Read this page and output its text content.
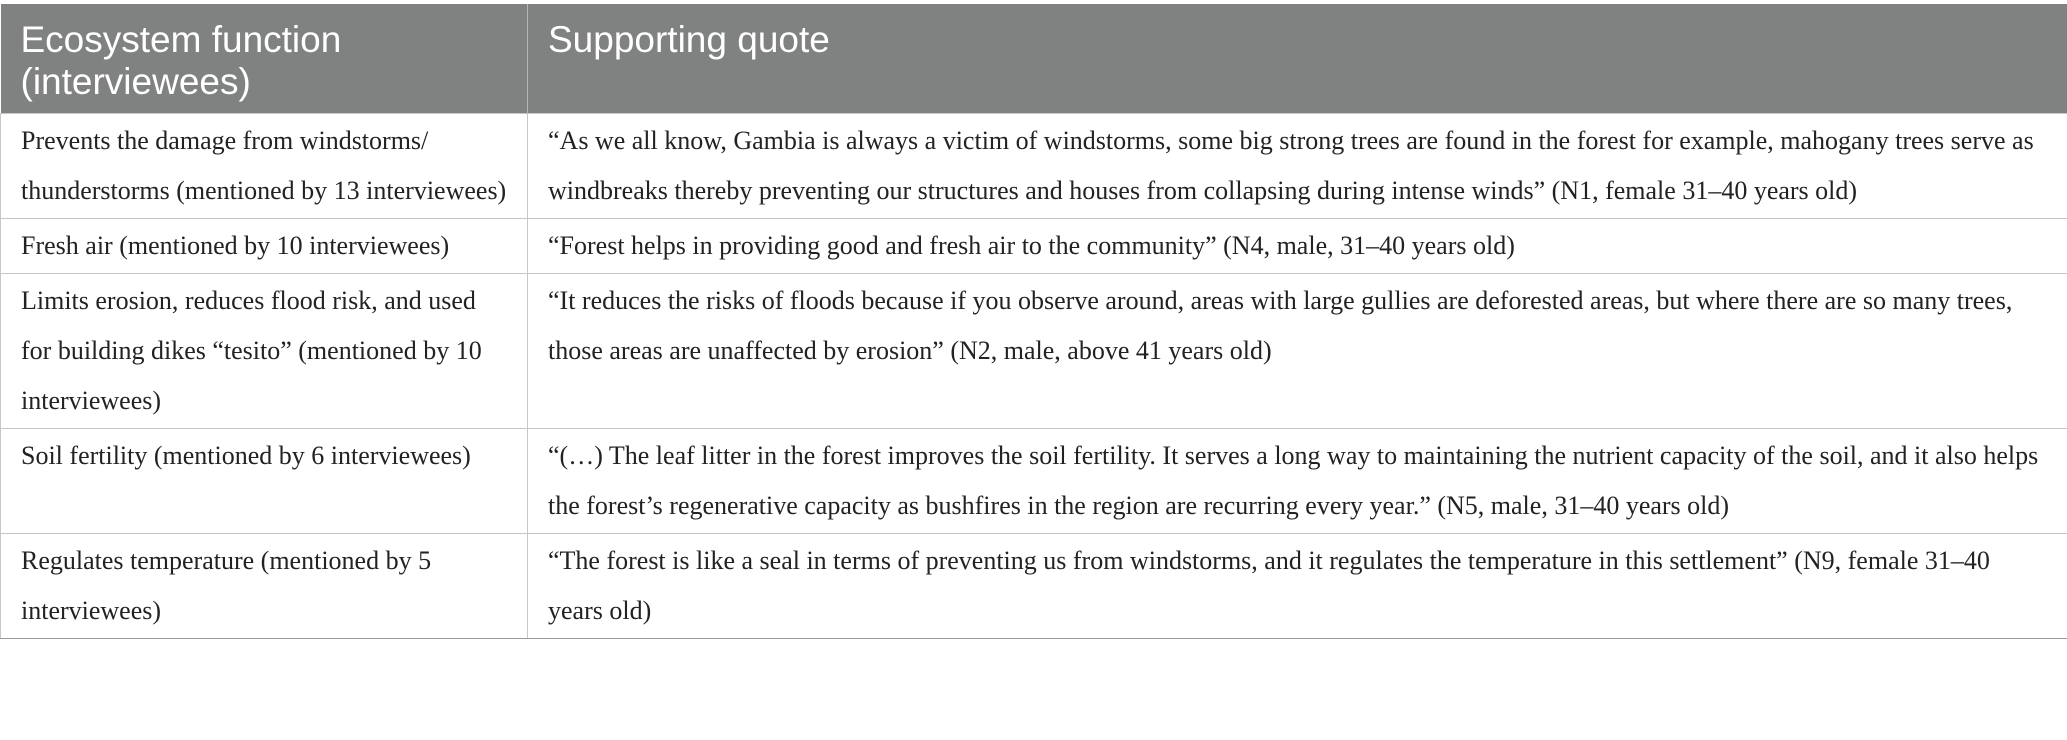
Ecosystem function (interviewees)	Supporting quote
Prevents the damage from windstorms/ thunderstorms (mentioned by 13 interviewees)	“As we all know, Gambia is always a victim of windstorms, some big strong trees are found in the forest for example, mahogany trees serve as windbreaks thereby preventing our structures and houses from collapsing during intense winds” (N1, female 31–40 years old)
Fresh air (mentioned by 10 interviewees)	“Forest helps in providing good and fresh air to the community” (N4, male, 31–40 years old)
Limits erosion, reduces flood risk, and used for building dikes “tesito” (mentioned by 10 interviewees)	“It reduces the risks of floods because if you observe around, areas with large gullies are deforested areas, but where there are so many trees, those areas are unaffected by erosion” (N2, male, above 41 years old)
Soil fertility (mentioned by 6 interviewees)	“(…) The leaf litter in the forest improves the soil fertility. It serves a long way to maintaining the nutrient capacity of the soil, and it also helps the forest’s regenerative capacity as bushfires in the region are recurring every year.” (N5, male, 31–40 years old)
Regulates temperature (mentioned by 5 interviewees)	“The forest is like a seal in terms of preventing us from windstorms, and it regulates the temperature in this settlement” (N9, female 31–40 years old)
